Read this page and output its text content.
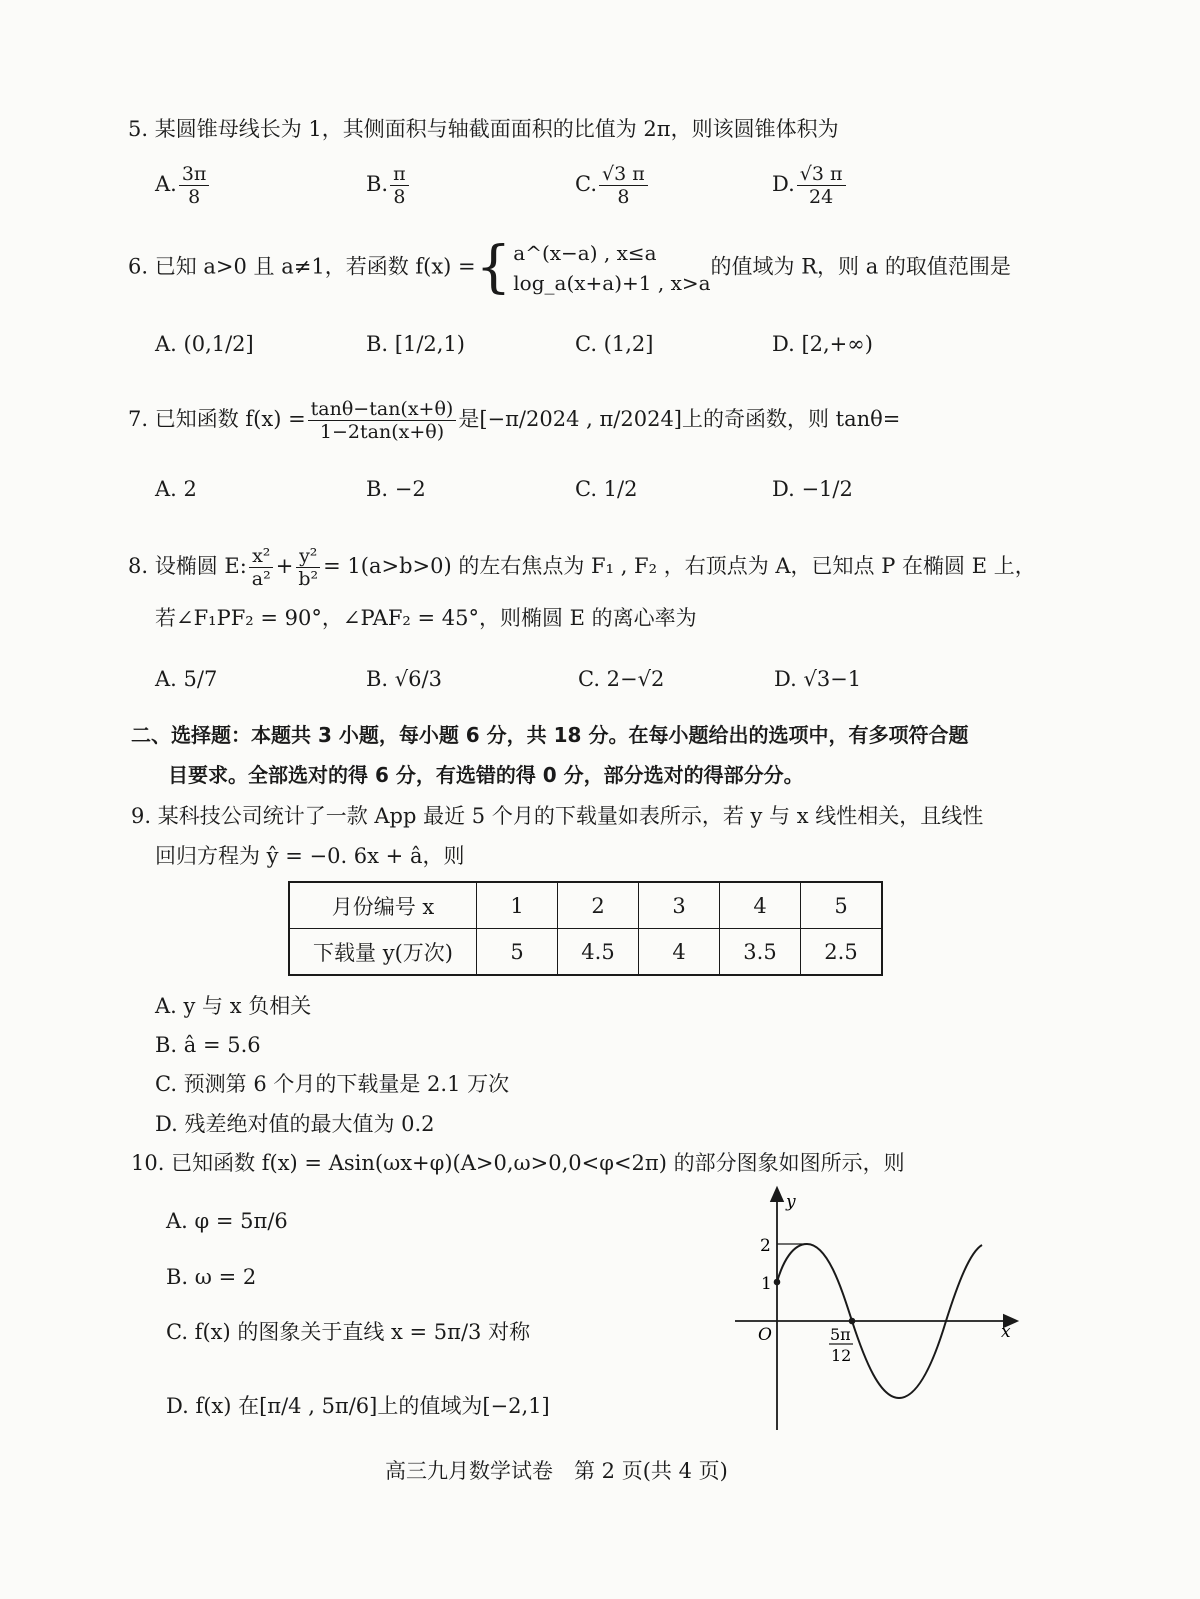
5. 某圆锥母线长为 1，其侧面积与轴截面面积的比值为 2π，则该圆锥体积为
A. $\frac{3\pi}{8}$	B. $\frac{\pi}{8}$	C. $\frac{√3 \pi}{8}$	D. $\frac{√3 \pi}{24}$
6. 已知 a>0 且 a≠1，若函数 f(x) ={ a^(x−a) , x≤a
log_a(x+a)+1 , x>a
的值域为 R，则 a 的取值范围是
A. (0,1/2]	B. [1/2,1)	C. (1,2]	D. [2,+∞)
7. 已知函数 $f(x) = \frac{\tan\theta-\tan(x+\theta)}{1-2\tan(x+\theta)}$ 是[−π/2024 , π/2024]上的奇函数，则 tanθ=
A. 2	B. −2	C. 1/2	D. −1/2
8. 设椭圆 E: $\frac{\text{x²}}{\text{a²}} + \frac{\text{y²}}{\text{b²}} = 1(a>b>0)$ 的左右焦点为 F₁ , F₂ ，右顶点为 A，已知点 P 在椭圆 E 上，
若∠F₁PF₂ = 90°，∠PAF₂ = 45°，则椭圆 E 的离心率为
A. 5/7	B. √6/3	C. 2−√2	D. √3−1
二、选择题：本题共 3 小题，每小题 6 分，共 18 分。在每小题给出的选项中，有多项符合题
目要求。全部选对的得 6 分，有选错的得 0 分，部分选对的得部分分。
9. 某科技公司统计了一款 App 最近 5 个月的下载量如表所示，若 y 与 x 线性相关，且线性
回归方程为 ŷ = −0. 6x + â，则
月份编号 x	1	2	3	4	5
下载量 y(万次)	5	4.5	4	3.5	2.5
A. y 与 x 负相关
B. â = 5.6
C. 预测第 6 个月的下载量是 2.1 万次
D. 残差绝对值的最大值为 0.2
10. 已知函数 f(x) = Asin(ωx+φ)(A>0,ω>0,0<φ<2π) 的部分图象如图所示，则
A. φ = 5π/6
B. ω = 2
C. f(x) 的图象关于直线 x = 5π/3 对称
D. f(x) 在[π/4 , 5π/6]上的值域为[−2,1]
y
x
O
2
1
5π
12
高三九月数学试卷　第 2 页(共 4 页)
